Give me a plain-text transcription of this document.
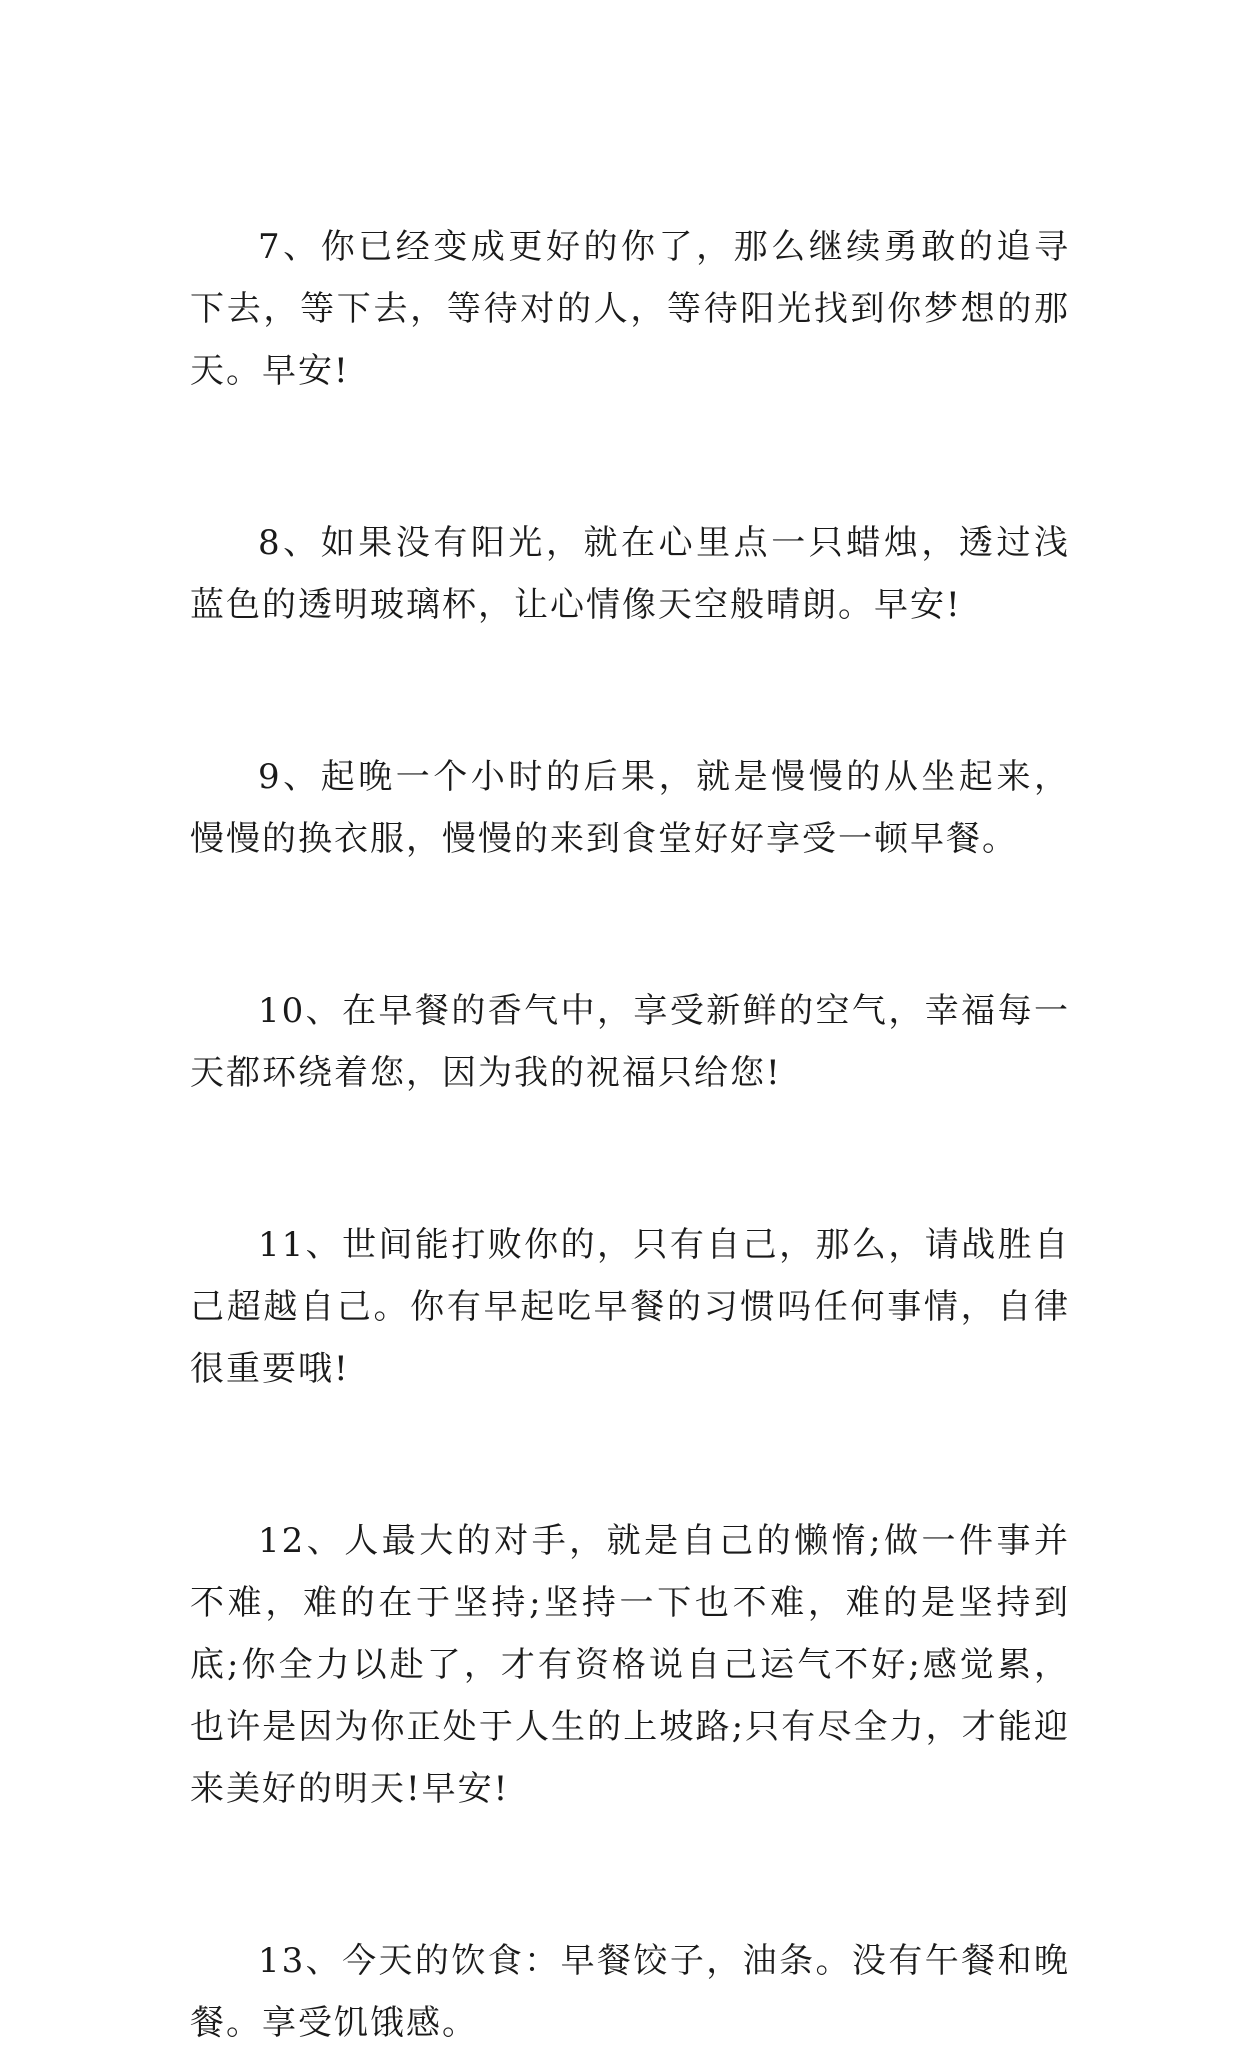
7、你已经变成更好的你了，那么继续勇敢的追寻下去，等下去，等待对的人，等待阳光找到你梦想的那天。早安!

8、如果没有阳光，就在心里点一只蜡烛，透过浅蓝色的透明玻璃杯，让心情像天空般晴朗。早安!

9、起晚一个小时的后果，就是慢慢的从坐起来，慢慢的换衣服，慢慢的来到食堂好好享受一顿早餐。

10、在早餐的香气中，享受新鲜的空气，幸福每一天都环绕着您，因为我的祝福只给您!

11、世间能打败你的，只有自己，那么，请战胜自己超越自己。你有早起吃早餐的习惯吗任何事情，自律很重要哦!

12、人最大的对手，就是自己的懒惰;做一件事并不难，难的在于坚持;坚持一下也不难，难的是坚持到底;你全力以赴了，才有资格说自己运气不好;感觉累，也许是因为你正处于人生的上坡路;只有尽全力，才能迎来美好的明天!早安!

13、今天的饮食：早餐饺子，油条。没有午餐和晚餐。享受饥饿感。
